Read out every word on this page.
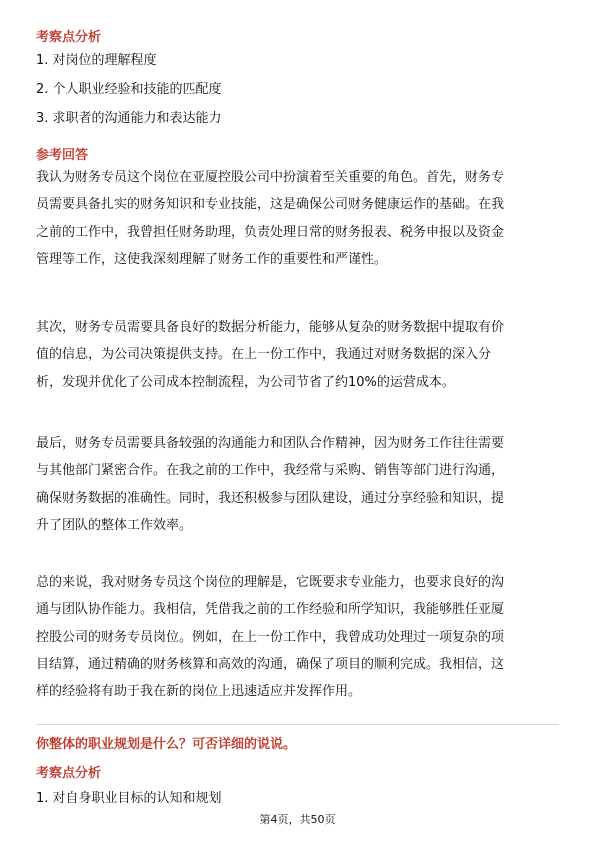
考察点分析
1. 对岗位的理解程度
2. 个人职业经验和技能的匹配度
3. 求职者的沟通能力和表达能力
参考回答
我认为财务专员这个岗位在亚厦控股公司中扮演着至关重要的角色。首先，财务专
员需要具备扎实的财务知识和专业技能，这是确保公司财务健康运作的基础。在我
之前的工作中，我曾担任财务助理，负责处理日常的财务报表、税务申报以及资金
管理等工作，这使我深刻理解了财务工作的重要性和严谨性。
其次，财务专员需要具备良好的数据分析能力，能够从复杂的财务数据中提取有价
值的信息，为公司决策提供支持。在上一份工作中，我通过对财务数据的深入分
析，发现并优化了公司成本控制流程，为公司节省了约10%的运营成本。
最后，财务专员需要具备较强的沟通能力和团队合作精神，因为财务工作往往需要
与其他部门紧密合作。在我之前的工作中，我经常与采购、销售等部门进行沟通，
确保财务数据的准确性。同时，我还积极参与团队建设，通过分享经验和知识，提
升了团队的整体工作效率。
总的来说，我对财务专员这个岗位的理解是，它既要求专业能力，也要求良好的沟
通与团队协作能力。我相信，凭借我之前的工作经验和所学知识，我能够胜任亚厦
控股公司的财务专员岗位。例如，在上一份工作中，我曾成功处理过一项复杂的项
目结算，通过精确的财务核算和高效的沟通，确保了项目的顺利完成。我相信，这
样的经验将有助于我在新的岗位上迅速适应并发挥作用。
你整体的职业规划是什么？可否详细的说说。
考察点分析
1. 对自身职业目标的认知和规划
第4页，共50页
